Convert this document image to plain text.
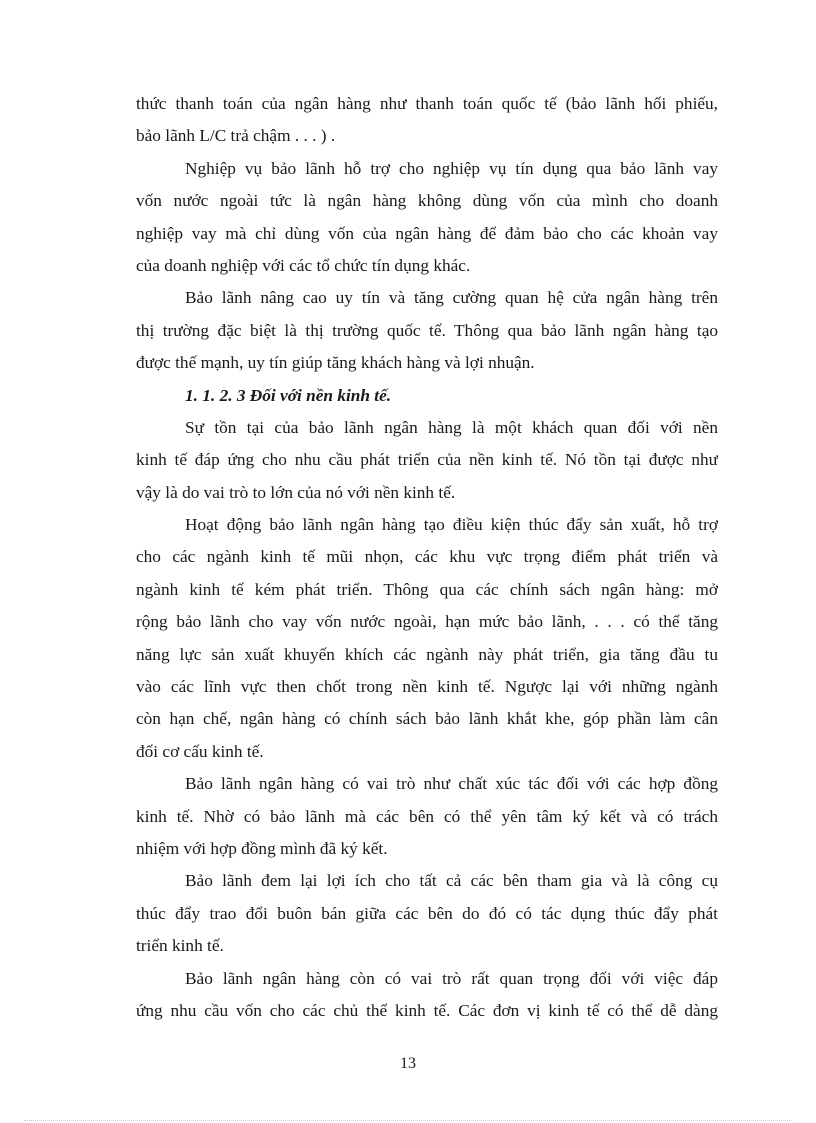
thức thanh toán của ngân hàng như thanh toán quốc tế (bảo lãnh hối phiếu,
bảo lãnh L/C trả chậm . . . ) .
Nghiệp vụ bảo lãnh hỗ trợ cho nghiệp vụ tín dụng qua bảo lãnh vay
vốn nước ngoài tức là ngân hàng không dùng vốn của mình cho doanh
nghiệp vay mà chỉ dùng vốn của ngân hàng để đảm bảo cho các khoản vay
của doanh nghiệp với các tổ chức tín dụng khác.
Bảo lãnh nâng cao uy tín và tăng cường quan hệ cửa ngân hàng trên
thị trường đặc biệt là thị trường quốc tế. Thông qua bảo lãnh ngân hàng tạo
được thế mạnh, uy tín giúp tăng khách hàng và lợi nhuận.
1. 1. 2. 3 Đối với nền kinh tế.
Sự tồn tại của bảo lãnh ngân hàng là một khách quan đối với nền
kinh tế đáp ứng cho nhu cầu phát triển của nền kinh tế. Nó tồn tại được như
vậy là do vai trò to lớn của nó với nền kinh tế.
Hoạt động bảo lãnh ngân hàng tạo điều kiện thúc đẩy sản xuất, hỗ trợ
cho các ngành kinh tế mũi nhọn, các khu vực trọng điểm phát triển và
ngành kinh tế kém phát triển. Thông qua các chính sách ngân hàng: mở
rộng bảo lãnh cho vay vốn nước ngoài, hạn mức bảo lãnh, . . . có thể tăng
năng lực sản xuất khuyến khích các ngành này phát triển, gia tăng đầu tu
vào các lĩnh vực then chốt trong nền kinh tế. Ngược lại với những ngành
còn hạn chế, ngân hàng có chính sách bảo lãnh khắt khe, góp phần làm cân
đối cơ cấu kinh tế.
Bảo lãnh ngân hàng có vai trò như chất xúc tác đối với các hợp đồng
kinh tế. Nhờ có bảo lãnh mà các bên có thể yên tâm ký kết và có trách
nhiệm với hợp đồng mình đã ký kết.
Bảo lãnh đem lại lợi ích cho tất cả các bên tham gia và là công cụ
thúc đẩy trao đổi buôn bán giữa các bên do đó có tác dụng thúc đẩy phát
triển kinh tế.
Bảo lãnh ngân hàng còn có vai trò rất quan trọng đối với việc đáp
ứng nhu cầu vốn cho các chủ thể kinh tế. Các đơn vị kinh tế có thể dễ dàng
13
